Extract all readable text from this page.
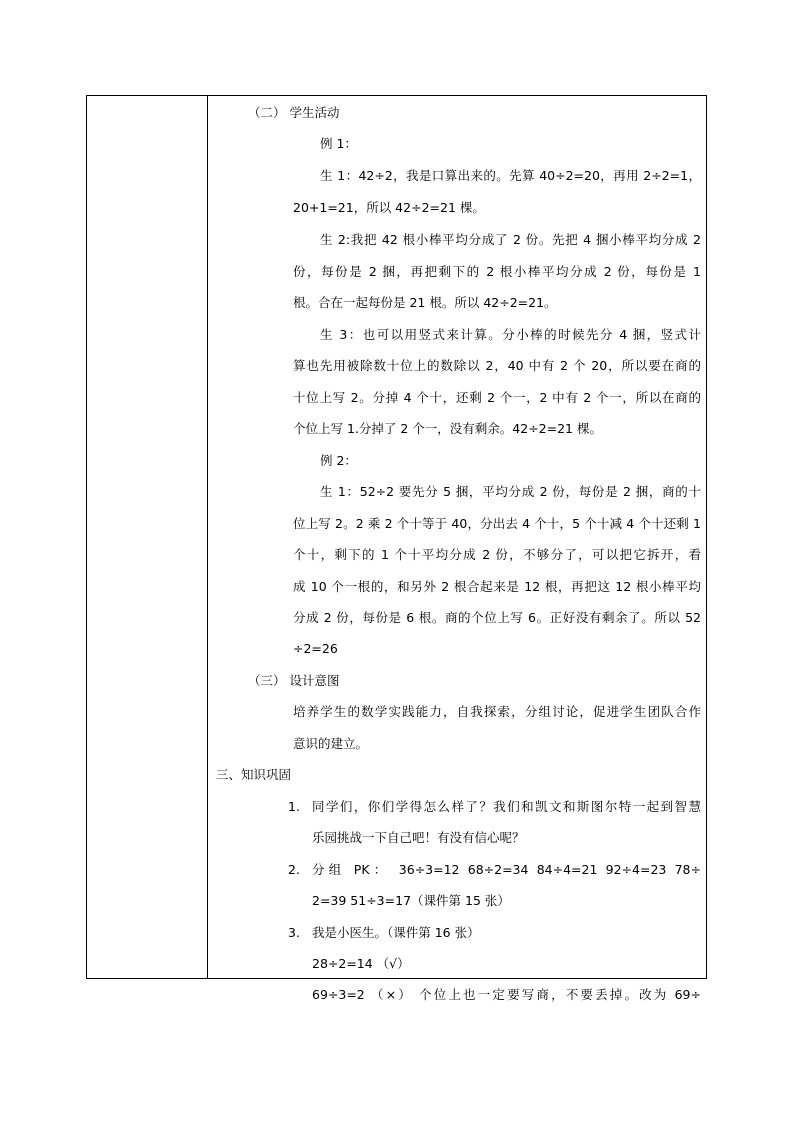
（二） 学生活动
例 1：
生 1：42÷2，我是口算出来的。先算 40÷2=20，再用 2÷2=1，
20+1=21，所以 42÷2=21 棵。
生 2:我把 42 根小棒平均分成了 2 份。先把 4 捆小棒平均分成 2
份，每份是 2 捆，再把剩下的 2 根小棒平均分成 2 份，每份是 1
根。合在一起每份是 21 根。所以 42÷2=21。
生 3：也可以用竖式来计算。分小棒的时候先分 4 捆，竖式计
算也先用被除数十位上的数除以 2，40 中有 2 个 20，所以要在商的
十位上写 2。分掉 4 个十，还剩 2 个一，2 中有 2 个一，所以在商的
个位上写 1.分掉了 2 个一，没有剩余。42÷2=21 棵。
例 2：
生 1：52÷2 要先分 5 捆，平均分成 2 份，每份是 2 捆，商的十
位上写 2。2 乘 2 个十等于 40，分出去 4 个十，5 个十减 4 个十还剩 1
个十，剩下的 1 个十平均分成 2 份，不够分了，可以把它拆开，看
成 10 个一根的，和另外 2 根合起来是 12 根，再把这 12 根小棒平均
分成 2 份，每份是 6 根。商的个位上写 6。正好没有剩余了。所以 52
÷2=26
（三） 设计意图
培养学生的数学实践能力，自我探索，分组讨论，促进学生团队合作
意识的建立。
三、知识巩固
1. 同学们，你们学得怎么样了？我们和凯文和斯图尔特一起到智慧
乐园挑战一下自己吧！有没有信心呢？
2. 分组 PK： 36÷3=12 68÷2=34 84÷4=21 92÷4=23 78÷
2=39 51÷3=17（课件第 15 张）
3. 我是小医生。（课件第 16 张）
28÷2=14 （√）
69÷3=2 （×） 个位上也一定要写商，不要丢掉。改为 69÷
